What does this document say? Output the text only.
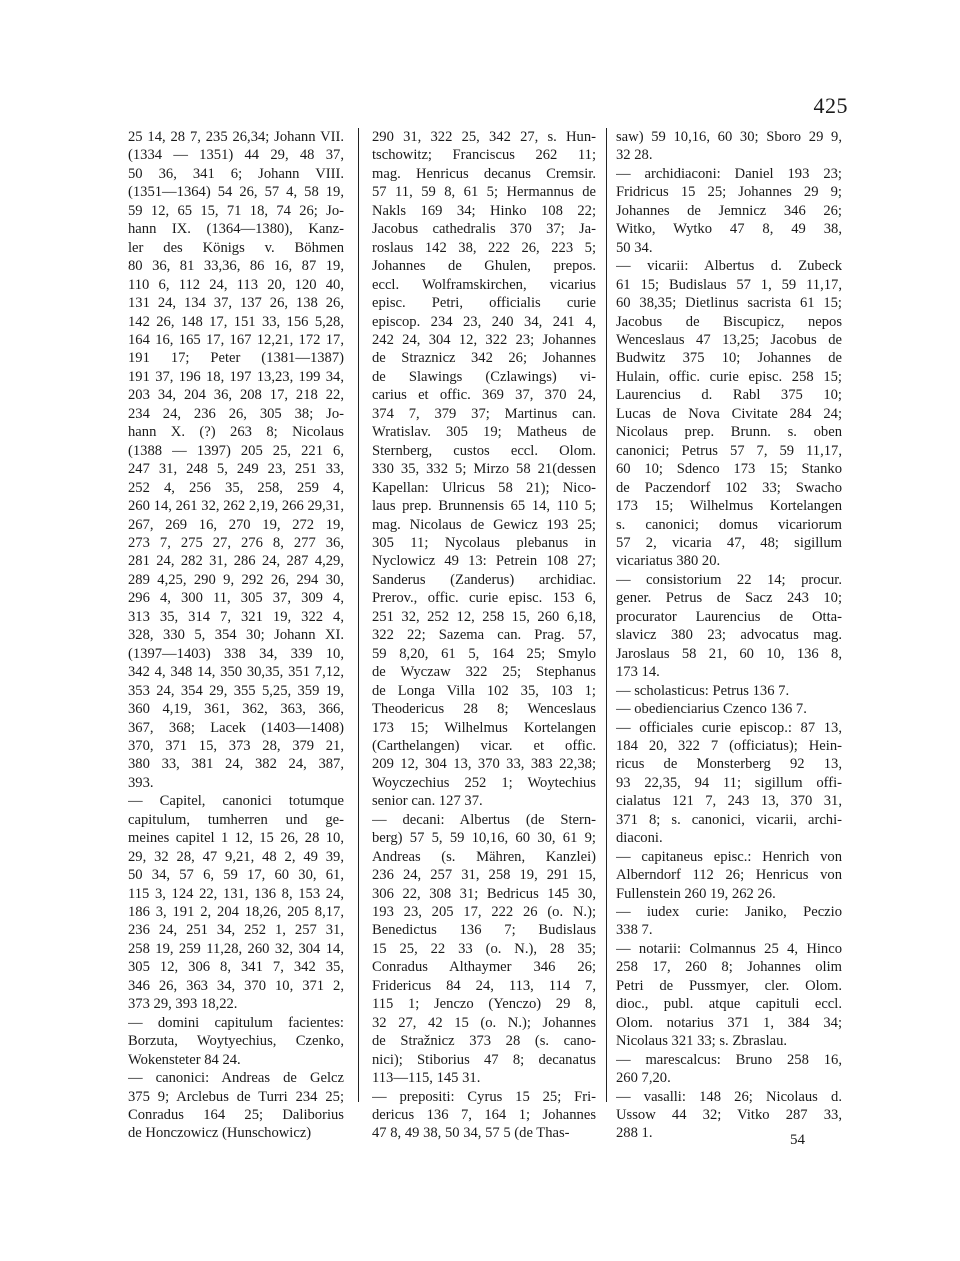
425
25 14, 28 7, 235 26,34; Johann VII.
(1334 — 1351) 44 29, 48 37,
50 36, 341 6; Johann VIII.
(1351—1364) 54 26, 57 4, 58 19,
59 12, 65 15, 71 18, 74 26; Jo-
hann IX. (1364—1380), Kanz-
ler des Königs v. Böhmen
80 36, 81 33,36, 86 16, 87 19,
110 6, 112 24, 113 20, 120 40,
131 24, 134 37, 137 26, 138 26,
142 26, 148 17, 151 33, 156 5,28,
164 16, 165 17, 167 12,21, 172 17,
191 17; Peter (1381—1387)
191 37, 196 18, 197 13,23, 199 34,
203 34, 204 36, 208 17, 218 22,
234 24, 236 26, 305 38; Jo-
hann X. (?) 263 8; Nicolaus
(1388 — 1397) 205 25, 221 6,
247 31, 248 5, 249 23, 251 33,
252 4, 256 35, 258, 259 4,
260 14, 261 32, 262 2,19, 266 29,31,
267, 269 16, 270 19, 272 19,
273 7, 275 27, 276 8, 277 36,
281 24, 282 31, 286 24, 287 4,29,
289 4,25, 290 9, 292 26, 294 30,
296 4, 300 11, 305 37, 309 4,
313 35, 314 7, 321 19, 322 4,
328, 330 5, 354 30; Johann XI.
(1397—1403) 338 34, 339 10,
342 4, 348 14, 350 30,35, 351 7,12,
353 24, 354 29, 355 5,25, 359 19,
360 4,19, 361, 362, 363, 366,
367, 368; Lacek (1403—1408)
370, 371 15, 373 28, 379 21,
380 33, 381 24, 382 24, 387,
393.
— Capitel, canonici totumque
capitulum, tumherren und ge-
meines capitel 1 12, 15 26, 28 10,
29, 32 28, 47 9,21, 48 2, 49 39,
50 34, 57 6, 59 17, 60 30, 61,
115 3, 124 22, 131, 136 8, 153 24,
186 3, 191 2, 204 18,26, 205 8,17,
236 24, 251 34, 252 1, 257 31,
258 19, 259 11,28, 260 32, 304 14,
305 12, 306 8, 341 7, 342 35,
346 26, 363 34, 370 10, 371 2,
373 29, 393 18,22.
— domini capitulum facientes:
Borzuta, Woytyechius, Czenko,
Wokensteter 84 24.
— canonici: Andreas de Gelcz
375 9; Arclebus de Turri 234 25;
Conradus 164 25; Daliborius
de Honczowicz (Hunschowicz)
290 31, 322 25, 342 27, s. Hun-
tschowitz; Franciscus 262 11;
mag. Henricus decanus Cremsir.
57 11, 59 8, 61 5; Hermannus de
Nakls 169 34; Hinko 108 22;
Jacobus cathedralis 370 37; Ja-
roslaus 142 38, 222 26, 223 5;
Johannes de Ghulen, prepos.
eccl. Wolframskirchen, vicarius
episc. Petri, officialis curie
episcop. 234 23, 240 34, 241 4,
242 24, 304 12, 322 23; Johannes
de Straznicz 342 26; Johannes
de Slawings (Czlawings) vi-
carius et offic. 369 37, 370 24,
374 7, 379 37; Martinus can.
Wratislav. 305 19; Matheus de
Sternberg, custos eccl. Olom.
330 35, 332 5; Mirzo 58 21(dessen
Kapellan: Ulricus 58 21); Nico-
laus prep. Brunnensis 65 14, 110 5;
mag. Nicolaus de Gewicz 193 25;
305 11; Nycolaus plebanus in
Nyclowicz 49 13: Petrein 108 27;
Sanderus (Zanderus) archidiac.
Prerov., offic. curie episc. 153 6,
251 32, 252 12, 258 15, 260 6,18,
322 22; Sazema can. Prag. 57,
59 8,20, 61 5, 164 25; Smylo
de Wyczaw 322 25; Stephanus
de Longa Villa 102 35, 103 1;
Theodericus 28 8; Wenceslaus
173 15; Wilhelmus Kortelangen
(Carthelangen) vicar. et offic.
209 12, 304 13, 370 33, 383 22,38;
Woyczechius 252 1; Woytechius
senior can. 127 37.
— decani: Albertus (de Stern-
berg) 57 5, 59 10,16, 60 30, 61 9;
Andreas (s. Mähren, Kanzlei)
236 24, 257 31, 258 19, 291 15,
306 22, 308 31; Bedricus 145 30,
193 23, 205 17, 222 26 (o. N.);
Benedictus 136 7; Budislaus
15 25, 22 33 (o. N.), 28 35;
Conradus Althaymer 346 26;
Fridericus 84 24, 113, 114 7,
115 1; Jenczo (Yenczo) 29 8,
32 27, 42 15 (o. N.); Johannes
de Stražnicz 373 28 (s. cano-
nici); Stiborius 47 8; decanatus
113—115, 145 31.
— prepositi: Cyrus 15 25; Fri-
dericus 136 7, 164 1; Johannes
47 8, 49 38, 50 34, 57 5 (de Thas-
saw) 59 10,16, 60 30; Sboro 29 9,
32 28.
— archidiaconi: Daniel 193 23;
Fridricus 15 25; Johannes 29 9;
Johannes de Jemnicz 346 26;
Witko, Wytko 47 8, 49 38,
50 34.
— vicarii: Albertus d. Zubeck
61 15; Budislaus 57 1, 59 11,17,
60 38,35; Dietlinus sacrista 61 15;
Jacobus de Biscupicz, nepos
Wenceslaus 47 13,25; Jacobus de
Budwitz 375 10; Johannes de
Hulain, offic. curie episc. 258 15;
Laurencius d. Rabl 375 10;
Lucas de Nova Civitate 284 24;
Nicolaus prep. Brunn. s. oben
canonici; Petrus 57 7, 59 11,17,
60 10; Sdenco 173 15; Stanko
de Paczendorf 102 33; Swacho
173 15; Wilhelmus Kortelangen
s. canonici; domus vicariorum
57 2, vicaria 47, 48; sigillum
vicariatus 380 20.
— consistorium 22 14; procur.
gener. Petrus de Sacz 243 10;
procurator Laurencius de Otta-
slavicz 380 23; advocatus mag.
Jaroslaus 58 21, 60 10, 136 8,
173 14.
— scholasticus: Petrus 136 7.
— obedienciarius Czenco 136 7.
— officiales curie episcop.: 87 13,
184 20, 322 7 (officiatus); Hein-
ricus de Monsterberg 92 13,
93 22,35, 94 11; sigillum offi-
cialatus 121 7, 243 13, 370 31,
371 8; s. canonici, vicarii, archi-
diaconi.
— capitaneus episc.: Henrich von
Alberndorf 112 26; Henricus von
Fullenstein 260 19, 262 26.
— iudex curie: Janiko, Peczio
338 7.
— notarii: Colmannus 25 4, Hinco
258 17, 260 8; Johannes olim
Petri de Pussmyer, cler. Olom.
dioc., publ. atque capituli eccl.
Olom. notarius 371 1, 384 34;
Nicolaus 321 33; s. Zbraslau.
— marescalcus: Bruno 258 16,
260 7,20.
— vasalli: 148 26; Nicolaus d.
Ussow 44 32; Vitko 287 33,
288 1.	54
